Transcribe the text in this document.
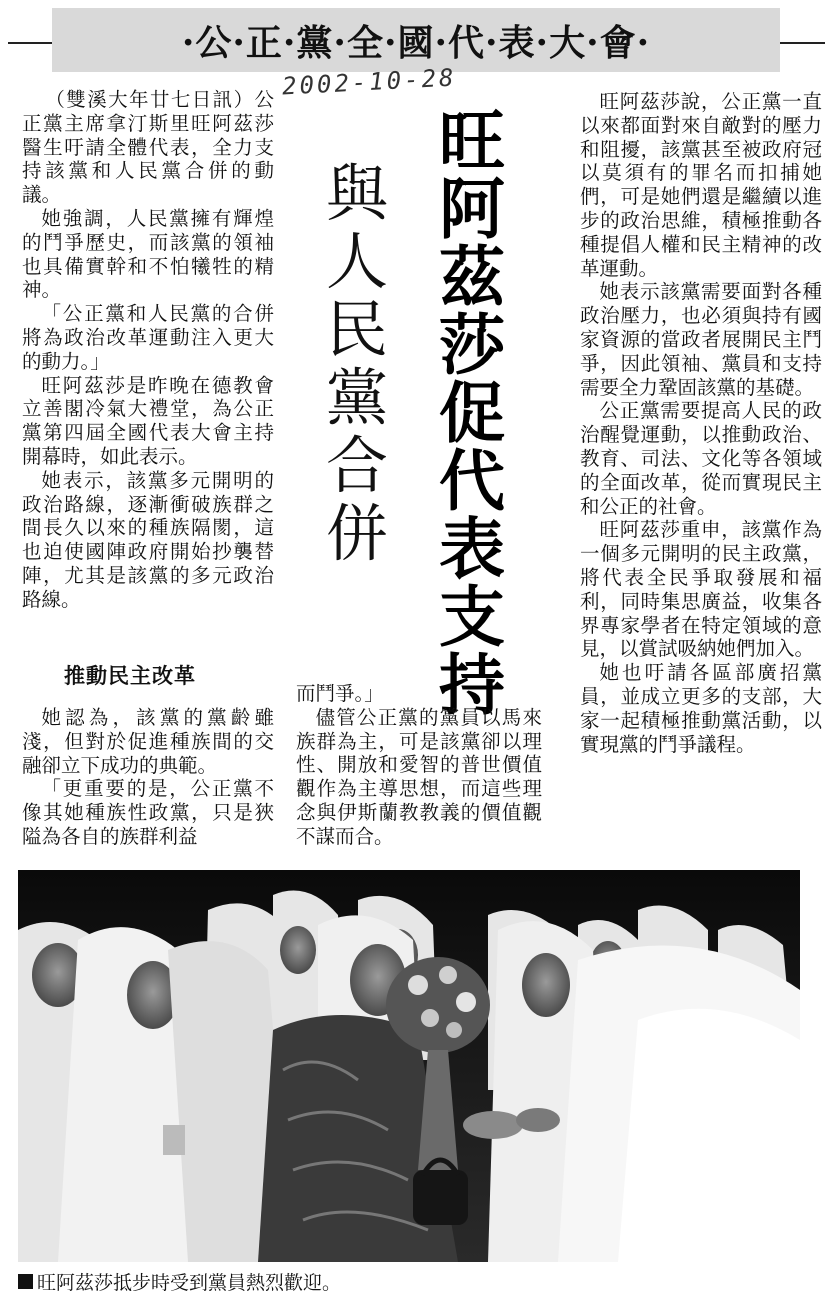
·公·正·黨·全·國·代·表·大·會·
2002-10-28

（雙溪大年廿七日訊）公正黨主席拿汀斯里旺阿茲莎醫生吁請全體代表，全力支持該黨和人民黨合併的動議。

她強調，人民黨擁有輝煌的鬥爭歷史，而該黨的領袖也具備實幹和不怕犧牲的精神。

「公正黨和人民黨的合併將為政治改革運動注入更大的動力。」

旺阿茲莎是昨晚在德教會立善閣冷氣大禮堂，為公正黨第四屆全國代表大會主持開幕時，如此表示。

她表示，該黨多元開明的政治路線，逐漸衝破族群之間長久以來的種族隔閡，這也迫使國陣政府開始抄襲替陣，尤其是該黨的多元政治路線。

推動民主改革

她認為，該黨的黨齡雖淺，但對於促進種族間的交融卻立下成功的典範。

「更重要的是，公正黨不像其她種族性政黨，只是狹隘為各自的族群利益

旺
阿
茲
莎
促
代
表
支
持
與
人
民
黨
合
併

而鬥爭。」

儘管公正黨的黨員以馬來族群為主，可是該黨卻以理性、開放和愛智的普世價值觀作為主導思想，而這些理念與伊斯蘭教教義的價值觀不謀而合。

旺阿茲莎說，公正黨一直以來都面對來自敵對的壓力和阻擾，該黨甚至被政府冠以莫須有的罪名而扣捕她們，可是她們還是繼續以進步的政治思維，積極推動各種提倡人權和民主精神的改革運動。

她表示該黨需要面對各種政治壓力，也必須與持有國家資源的當政者展開民主鬥爭，因此領袖、黨員和支持需要全力鞏固該黨的基礎。

公正黨需要提高人民的政治醒覺運動，以推動政治、教育、司法、文化等各領域的全面改革，從而實現民主和公正的社會。

旺阿茲莎重申，該黨作為一個多元開明的民主政黨，將代表全民爭取發展和福利，同時集思廣益，收集各界專家學者在特定領域的意見，以賞試吸納她們加入。

她也吁請各區部廣招黨員，並成立更多的支部，大家一起積極推動黨活動，以實現黨的鬥爭議程。

旺阿茲莎抵步時受到黨員熱烈歡迎。
